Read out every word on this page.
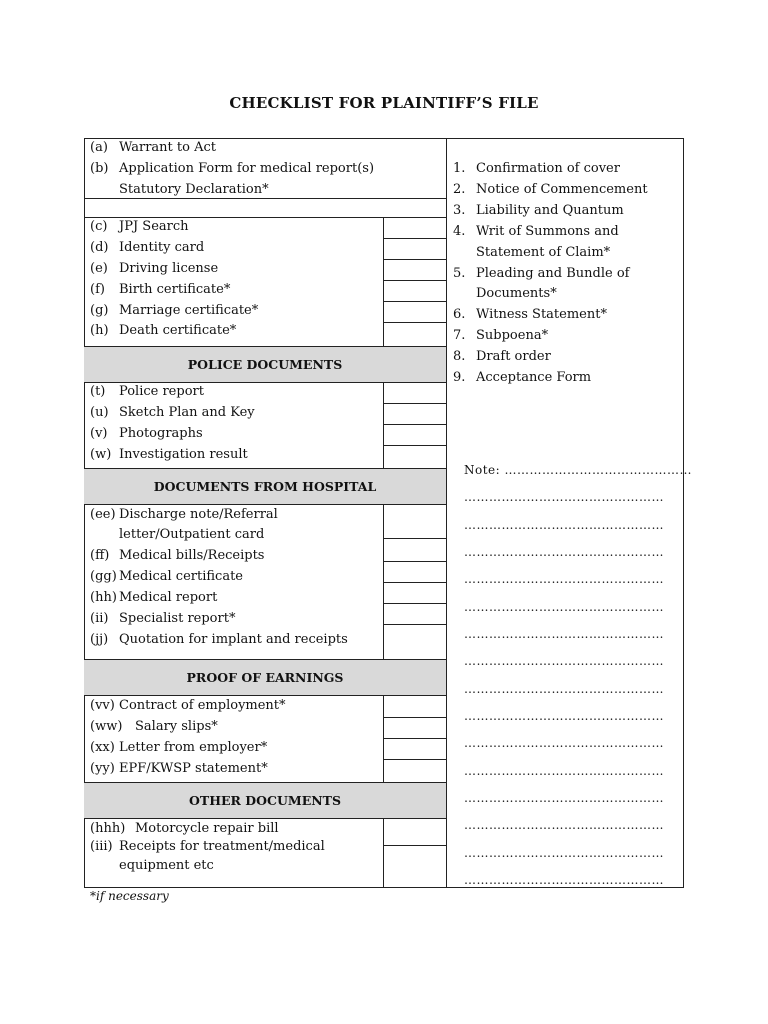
CHECKLIST FOR PLAINTIFF’S FILE
(a) Warrant to Act
(b) Application Form for medical report(s)
Statutory Declaration*
(c) JPJ Search
(d) Identity card
(e) Driving license
(f) Birth certificate*
(g) Marriage certificate*
(h) Death certificate*
POLICE DOCUMENTS
(t) Police report
(u) Sketch Plan and Key
(v) Photographs
(w) Investigation result
DOCUMENTS FROM HOSPITAL
(ee) Discharge note/Referral
letter/Outpatient card
(ff) Medical bills/Receipts
(gg) Medical certificate
(hh) Medical report
(ii) Specialist report*
(jj) Quotation for implant and receipts
PROOF OF EARNINGS
(vv) Contract of employment*
(ww) Salary slips*
(xx) Letter from employer*
(yy) EPF/KWSP statement*
OTHER DOCUMENTS
(hhh) Motorcycle repair bill
(iii) Receipts for treatment/medical
equipment etc
1. Confirmation of cover
2. Notice of Commencement
3. Liability and Quantum
4. Writ of Summons and
Statement of Claim*
5. Pleading and Bundle of
Documents*
6. Witness Statement*
7. Subpoena*
8. Draft order
9. Acceptance Form
Note: ………………………………………
…………………………………………
…………………………………………
…………………………………………
…………………………………………
…………………………………………
…………………………………………
…………………………………………
…………………………………………
…………………………………………
…………………………………………
…………………………………………
…………………………………………
…………………………………………
…………………………………………
…………………………………………
*if necessary
